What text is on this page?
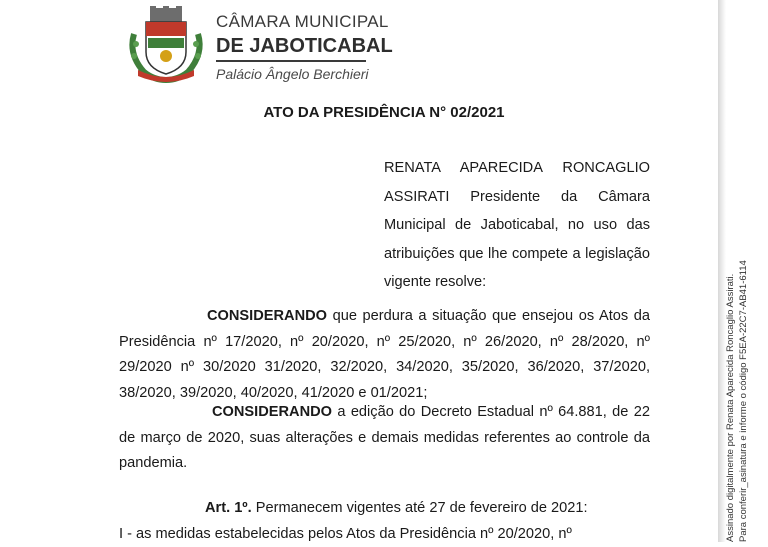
CÂMARA MUNICIPAL
DE JABOTICABAL
Palácio Ângelo Berchieri
ATO DA PRESIDÊNCIA N° 02/2021
RENATA APARECIDA RONCAGLIO ASSIRATI Presidente da Câmara Municipal de Jaboticabal, no uso das atribuições que lhe compete a legislação vigente resolve:

CONSIDERANDO que perdura a situação que ensejou os Atos da Presidência nº 17/2020, nº 20/2020, nº 25/2020, nº 26/2020, nº 28/2020, nº 29/2020 nº 30/2020 31/2020, 32/2020, 34/2020, 35/2020, 36/2020, 37/2020, 38/2020, 39/2020, 40/2020, 41/2020 e 01/2021;

CONSIDERANDO a edição do Decreto Estadual nº 64.881, de 22 de março de 2020, suas alterações e demais medidas referentes ao controle da pandemia.

Art. 1º. Permanecem vigentes até 27 de fevereiro de 2021:

I - as medidas estabelecidas pelos Atos da Presidência nº 20/2020, nº	Assinado digitalmente por Renata Aparecida Roncaglio Assirati. Para conferir_asinatura e informe o código F5EA-22C7-AB41-6114
